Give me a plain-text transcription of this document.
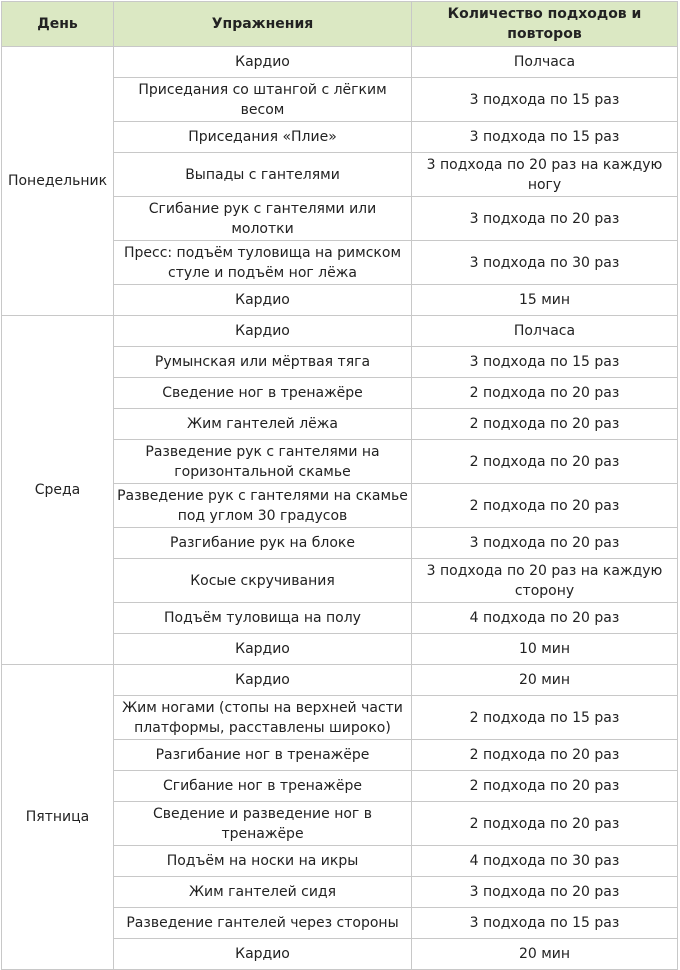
День	Упражнения	Количество подходов и повторов
Понедельник	Кардио	Полчаса
	Приседания со штангой с лёгким весом	3 подхода по 15 раз
	Приседания «Плие»	3 подхода по 15 раз
	Выпады с гантелями	3 подхода по 20 раз на каждую ногу
	Сгибание рук с гантелями или молотки	3 подхода по 20 раз
	Пресс: подъём туловища на римском стуле и подъём ног лёжа	3 подхода по 30 раз
	Кардио	15 мин
Среда	Кардио	Полчаса
	Румынская или мёртвая тяга	3 подхода по 15 раз
	Сведение ног в тренажёре	2 подхода по 20 раз
	Жим гантелей лёжа	2 подхода по 20 раз
	Разведение рук с гантелями на горизонтальной скамье	2 подхода по 20 раз
	Разведение рук с гантелями на скамье под углом 30 градусов	2 подхода по 20 раз
	Разгибание рук на блоке	3 подхода по 20 раз
	Косые скручивания	3 подхода по 20 раз на каждую сторону
	Подъём туловища на полу	4 подхода по 20 раз
	Кардио	10 мин
Пятница	Кардио	20 мин
	Жим ногами (стопы на верхней части платформы, расставлены широко)	2 подхода по 15 раз
	Разгибание ног в тренажёре	2 подхода по 20 раз
	Сгибание ног в тренажёре	2 подхода по 20 раз
	Сведение и разведение ног в тренажёре	2 подхода по 20 раз
	Подъём на носки на икры	4 подхода по 30 раз
	Жим гантелей сидя	3 подхода по 20 раз
	Разведение гантелей через стороны	3 подхода по 15 раз
	Кардио	20 мин
